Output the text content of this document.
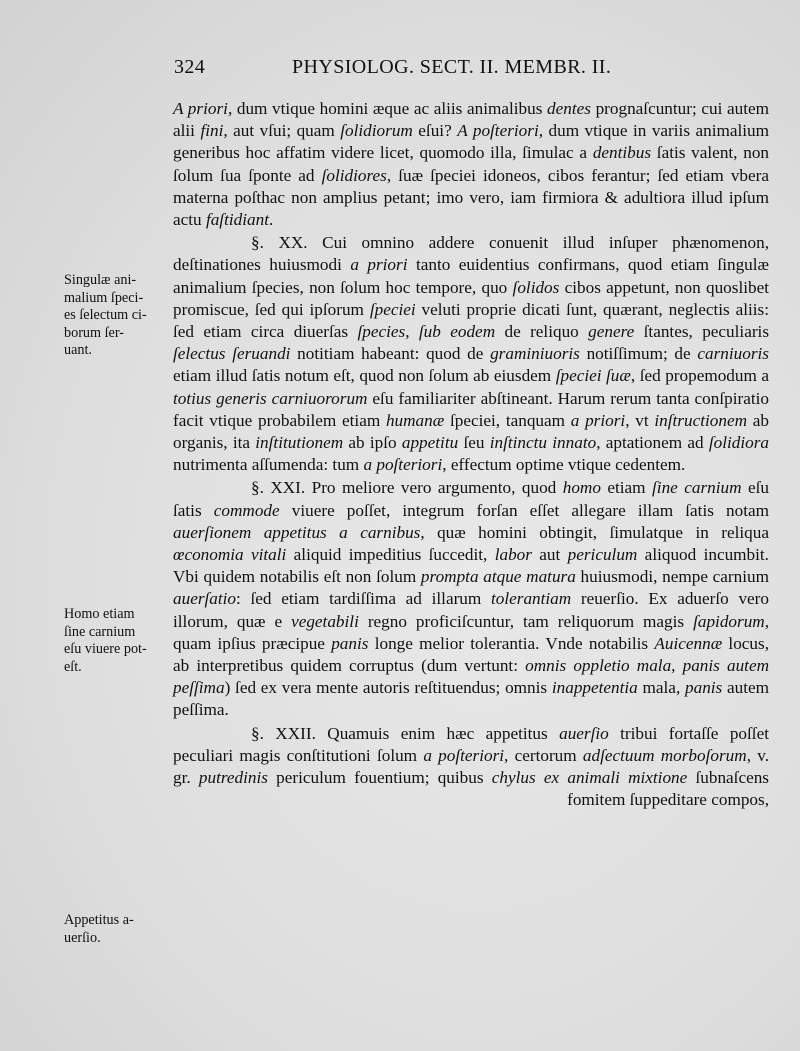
324	PHYSIOLOG. SECT. II. MEMBR. II.

A priori, dum vtique homini æque ac aliis animalibus dentes prognaſcuntur; cui autem alii fini, aut vſui; quam ſolidiorum eſui? A poſteriori, dum vtique in variis animalium generibus hoc affatim videre licet, quomodo illa, ſimulac a dentibus ſatis valent, non ſolum ſua ſponte ad ſolidiores, ſuæ ſpeciei idoneos, cibos ferantur; ſed etiam vbera materna poſthac non amplius petant; imo vero, iam firmiora & adultiora illud ipſum actu faſtidiant.

§. XX. Cui omnino addere conuenit illud inſuper phænomenon, deſtinationes huiusmodi a priori tanto euidentius confirmans, quod etiam ſingulæ animalium ſpecies, non ſolum hoc tempore, quo ſolidos cibos appetunt, non quoslibet promiscue, ſed qui ipſorum ſpeciei veluti proprie dicati ſunt, quærant, neglectis aliis: ſed etiam circa diuerſas ſpecies, ſub eodem de reliquo genere ſtantes, peculiaris ſelectus ſeruandi notitiam habeant: quod de graminiuoris notiſſimum; de carniuoris etiam illud ſatis notum eſt, quod non ſolum ab eiusdem ſpeciei ſuæ, ſed propemodum a totius generis carniuororum eſu familiariter abſtineant. Harum rerum tanta conſpiratio facit vtique probabilem etiam humanæ ſpeciei, tanquam a priori, vt inſtructionem ab organis, ita inſtitutionem ab ipſo appetitu ſeu inſtinctu innato, aptationem ad ſolidiora nutrimenta aſſumenda: tum a poſteriori, effectum optime vtique cedentem.

§. XXI. Pro meliore vero argumento, quod homo etiam ſine carnium eſu ſatis commode viuere poſſet, integrum forſan eſſet allegare illam ſatis notam auerſionem appetitus a carnibus, quæ homini obtingit, ſimulatque in reliqua œconomia vitali aliquid impeditius ſuccedit, labor aut periculum aliquod incumbit. Vbi quidem notabilis eſt non ſolum prompta atque matura huiusmodi, nempe carnium auerſatio: ſed etiam tardiſſima ad illarum tolerantiam reuerſio. Ex aduerſo vero illorum, quæ e vegetabili regno proficiſcuntur, tam reliquorum magis ſapidorum, quam ipſius præcipue panis longe melior tolerantia. Vnde notabilis Auicennæ locus, ab interpretibus quidem corruptus (dum vertunt: omnis oppletio mala, panis autem peſſima) ſed ex vera mente autoris reſtituendus; omnis inappetentia mala, panis autem peſſima.

§. XXII. Quamuis enim hæc appetitus auerſio tribui fortaſſe poſſet peculiari magis conſtitutioni ſolum a poſteriori, certorum adſectuum morboſorum, v. gr. putredinis periculum fouentium; quibus chylus ex animali mixtione ſubnaſcens fomitem ſuppeditare compos,

Singulæ ani-
malium ſpeci-
es ſelectum ci-
borum ſer-
uant.
Homo etiam
ſine carnium
eſu viuere pot-
eſt.
Appetitus a-
uerſio.
